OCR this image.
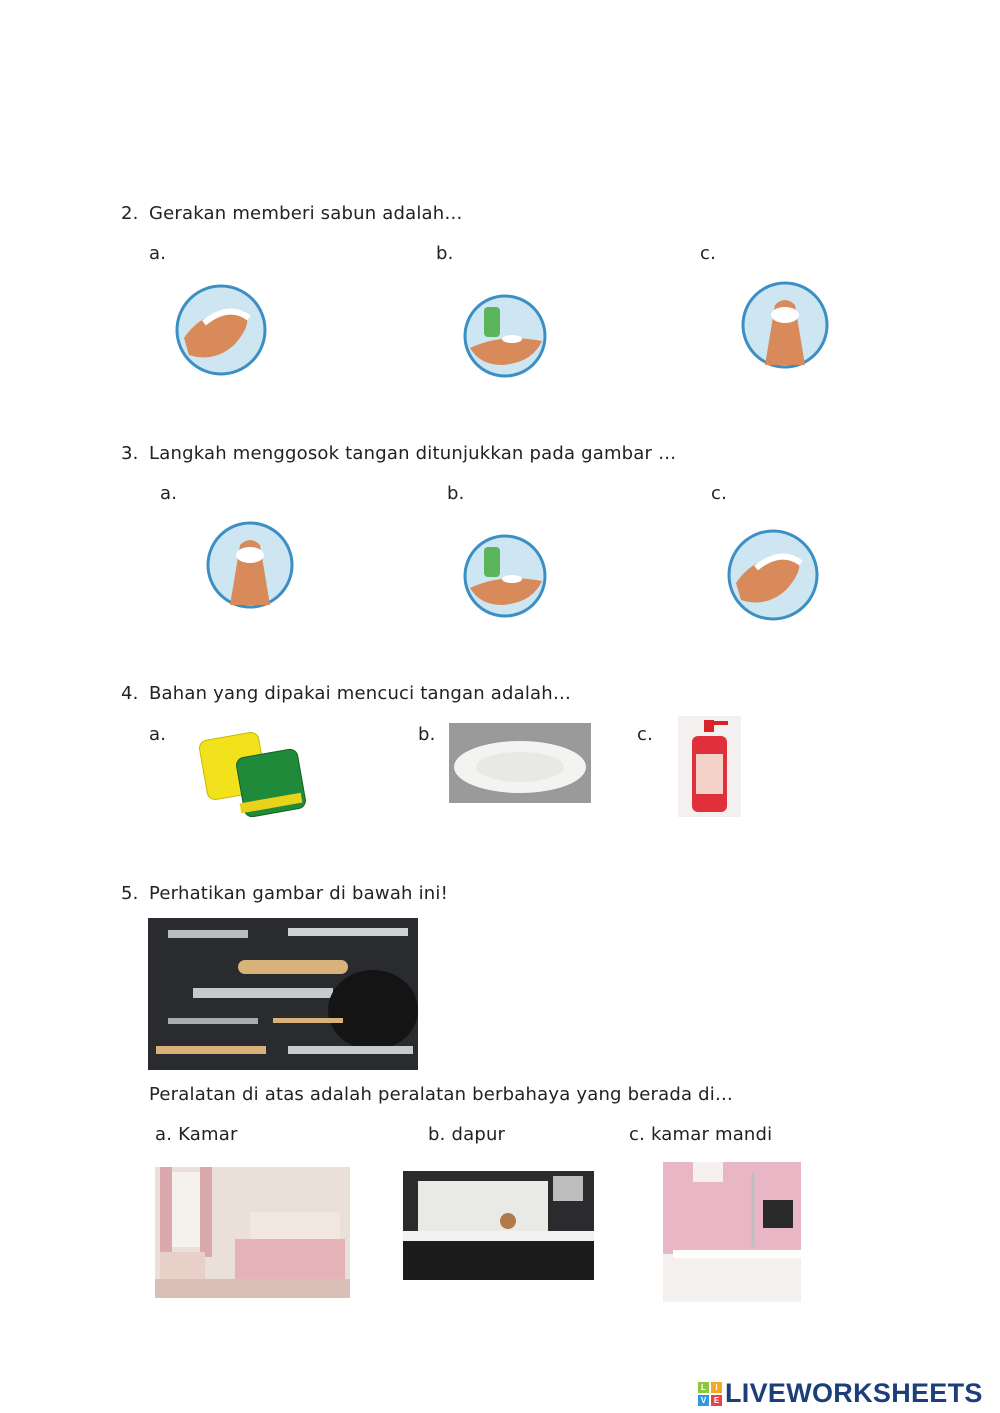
2. Gerakan memberi sabun adalah…
a.	b.	c.
3. Langkah menggosok tangan ditunjukkan pada gambar …
a.	b.	c.
4. Bahan yang dipakai mencuci tangan adalah…
a.	b.	c.
5. Perhatikan gambar di bawah ini!
Peralatan di atas adalah peralatan berbahaya yang berada di…
a. Kamar	b. dapur	c. kamar mandi
L	I
V E LIVEWORKSHEETS
